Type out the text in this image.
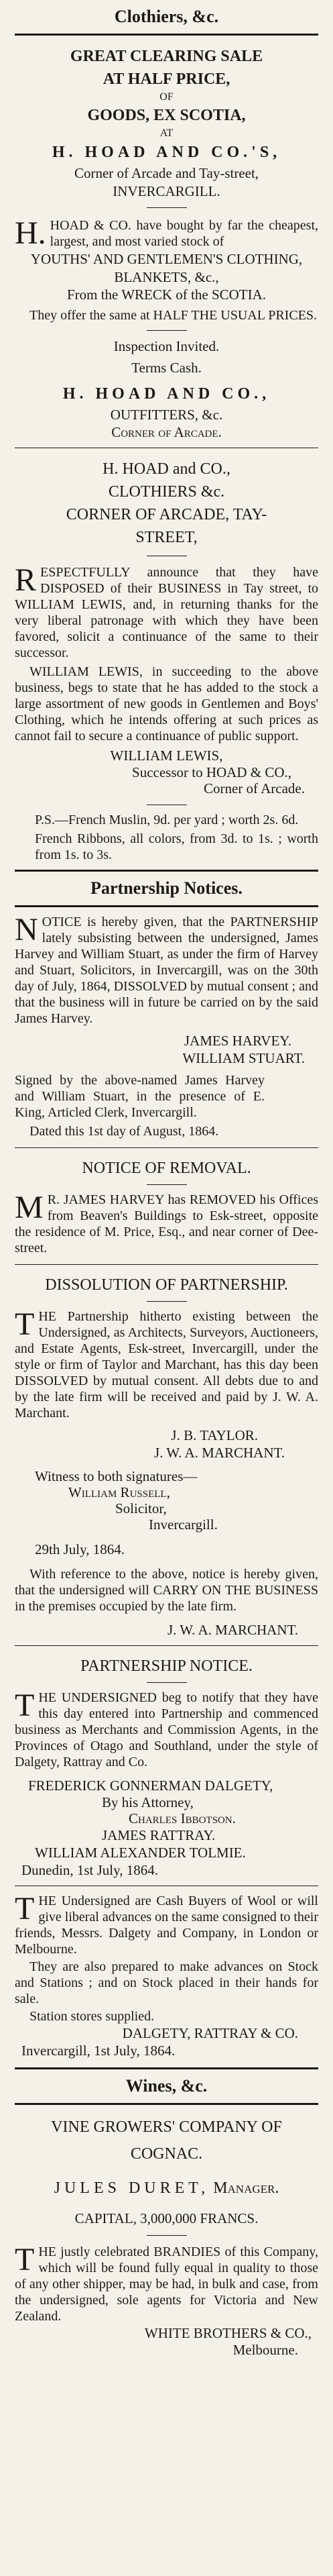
Clothiers, &c.
GREAT CLEARING SALE
AT HALF PRICE,
OF
GOODS, EX SCOTIA,
AT
H. HOAD AND CO.'S,
Corner of Arcade and Tay-street,
INVERCARGILL.
H. HOAD & CO. have bought by far the cheapest, largest, and most varied stock of
YOUTHS' AND GENTLEMEN'S CLOTHING,
BLANKETS, &c.,
From the WRECK of the SCOTIA.
They offer the same at HALF THE USUAL PRICES.
Inspection Invited.
Terms Cash.
H. HOAD AND CO.,
OUTFITTERS, &c.
Corner of Arcade.
H. HOAD and CO.,
CLOTHIERS &c.
CORNER OF ARCADE, TAY-
STREET,
R ESPECTFULLY announce that they have DISPOSED of their BUSINESS in Tay street, to WILLIAM LEWIS, and, in returning thanks for the very liberal patronage with which they have been favored, solicit a continuance of the same to their successor.
WILLIAM LEWIS, in succeeding to the above business, begs to state that he has added to the stock a large assortment of new goods in Gentlemen and Boys' Clothing, which he intends offering at such prices as cannot fail to secure a continuance of public support.
WILLIAM LEWIS,
Successor to HOAD & CO.,
Corner of Arcade.
P.S.—French Muslin, 9d. per yard ; worth 2s. 6d.
French Ribbons, all colors, from 3d. to 1s. ; worth from 1s. to 3s.
Partnership Notices.
N OTICE is hereby given, that the PARTNERSHIP lately subsisting between the undersigned, James Harvey and William Stuart, as under the firm of Harvey and Stuart, Solicitors, in Invercargill, was on the 30th day of July, 1864, DISSOLVED by mutual consent ; and that the business will in future be carried on by the said James Harvey.
JAMES HARVEY.
WILLIAM STUART.
Signed by the above-named James Harvey and William Stuart, in the presence of E. King, Articled Clerk, Invercargill.
Dated this 1st day of August, 1864.
NOTICE OF REMOVAL.
M R. JAMES HARVEY has REMOVED his Offices from Beaven's Buildings to Esk-street, opposite the residence of M. Price, Esq., and near corner of Dee-street.
DISSOLUTION OF PARTNERSHIP.
T HE Partnership hitherto existing between the Undersigned, as Architects, Surveyors, Auctioneers, and Estate Agents, Esk-street, Invercargill, under the style or firm of Taylor and Marchant, has this day been DISSOLVED by mutual consent. All debts due to and by the late firm will be received and paid by J. W. A. Marchant.
J. B. TAYLOR.
J. W. A. MARCHANT.
Witness to both signatures—
William Russell,
Solicitor,
Invercargill.
29th July, 1864.
With reference to the above, notice is hereby given, that the undersigned will CARRY ON THE BUSINESS in the premises occupied by the late firm.
J. W. A. MARCHANT.
PARTNERSHIP NOTICE.
T HE UNDERSIGNED beg to notify that they have this day entered into Partnership and commenced business as Merchants and Commission Agents, in the Provinces of Otago and Southland, under the style of Dalgety, Rattray and Co.
FREDERICK GONNERMAN DALGETY,
By his Attorney,
Charles Ibbotson.
JAMES RATTRAY.
WILLIAM ALEXANDER TOLMIE.
Dunedin, 1st July, 1864.
T HE Undersigned are Cash Buyers of Wool or will give liberal advances on the same consigned to their friends, Messrs. Dalgety and Company, in London or Melbourne.
They are also prepared to make advances on Stock and Stations ; and on Stock placed in their hands for sale.
Station stores supplied.
DALGETY, RATTRAY & CO.
Invercargill, 1st July, 1864.
Wines, &c.
VINE GROWERS' COMPANY OF
COGNAC.
JULES DURET, Manager.
CAPITAL, 3,000,000 FRANCS.
T HE justly celebrated BRANDIES of this Company, which will be found fully equal in quality to those of any other shipper, may be had, in bulk and case, from the undersigned, sole agents for Victoria and New Zealand.
WHITE BROTHERS & CO.,
Melbourne.
